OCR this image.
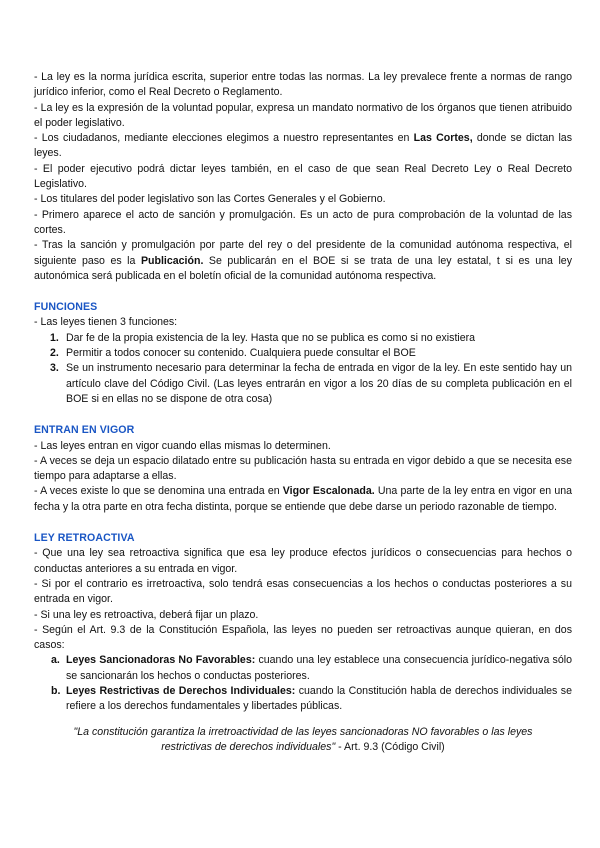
- La ley es la norma jurídica escrita, superior entre todas las normas. La ley prevalece frente a normas de rango jurídico inferior, como el Real Decreto o Reglamento.

- La ley es la expresión de la voluntad popular, expresa un mandato normativo de los órganos que tienen atribuido el poder legislativo.

- Los ciudadanos, mediante elecciones elegimos a nuestro representantes en Las Cortes, donde se dictan las leyes.

- El poder ejecutivo podrá dictar leyes también, en el caso de que sean Real Decreto Ley o Real Decreto Legislativo.

- Los titulares del poder legislativo son las Cortes Generales y el Gobierno.

- Primero aparece el acto de sanción y promulgación. Es un acto de pura comprobación de la voluntad de las cortes.

- Tras la sanción y promulgación por parte del rey o del presidente de la comunidad autónoma respectiva, el siguiente paso es la Publicación. Se publicarán en el BOE si se trata de una ley estatal, t si es una ley autonómica será publicada en el boletín oficial de la comunidad autónoma respectiva.

FUNCIONES

- Las leyes tienen 3 funciones:

1. Dar fe de la propia existencia de la ley. Hasta que no se publica es como si no existiera
2. Permitir a todos conocer su contenido. Cualquiera puede consultar el BOE
3. Se un instrumento necesario para determinar la fecha de entrada en vigor de la ley. En este sentido hay un artículo clave del Código Civil. (Las leyes entrarán en vigor a los 20 días de su completa publicación en el BOE si en ellas no se dispone de otra cosa)

ENTRAN EN VIGOR

- Las leyes entran en vigor cuando ellas mismas lo determinen.

- A veces se deja un espacio dilatado entre su publicación hasta su entrada en vigor debido a que se necesita ese tiempo para adaptarse a ellas.

- A veces existe lo que se denomina una entrada en Vigor Escalonada. Una parte de la ley entra en vigor en una fecha y la otra parte en otra fecha distinta, porque se entiende que debe darse un periodo razonable de tiempo.

LEY RETROACTIVA

- Que una ley sea retroactiva significa que esa ley produce efectos jurídicos o consecuencias para hechos o conductas anteriores a su entrada en vigor.

- Si por el contrario es irretroactiva, solo tendrá esas consecuencias a los hechos o conductas posteriores a su entrada en vigor.

- Si una ley es retroactiva, deberá fijar un plazo.

- Según el Art. 9.3 de la Constitución Española, las leyes no pueden ser retroactivas aunque quieran, en dos casos:

a. Leyes Sancionadoras No Favorables: cuando una ley establece una consecuencia jurídico-negativa sólo se sancionarán los hechos o conductas posteriores.
b. Leyes Restrictivas de Derechos Individuales: cuando la Constitución habla de derechos individuales se refiere a los derechos fundamentales y libertades públicas.

"La constitución garantiza la irretroactividad de las leyes sancionadoras NO favorables o las leyes restrictivas de derechos individuales" - Art. 9.3 (Código Civil)
